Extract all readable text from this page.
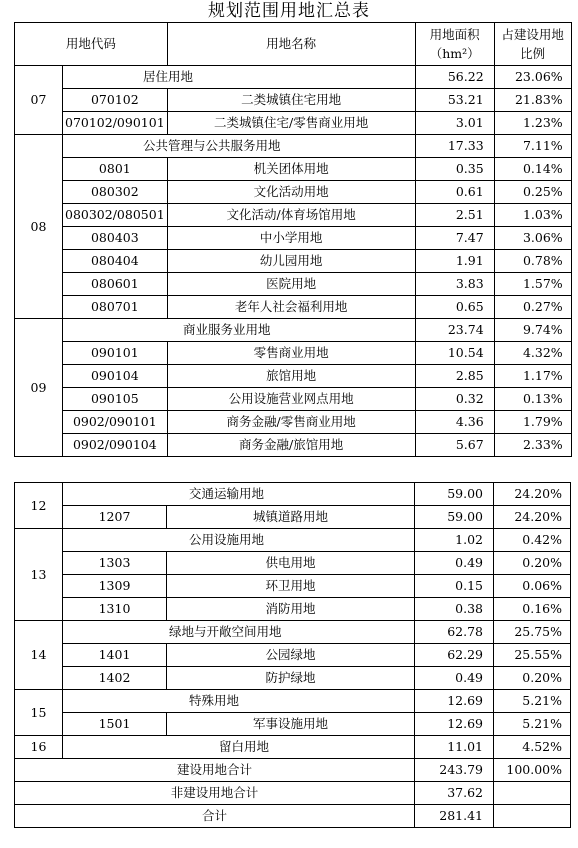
规划范围用地汇总表
用地代码		用地名称	用地面积（hm²）	占建设用地比例
07	居住用地		56.22	23.06%
	070102	二类城镇住宅用地	53.21	21.83%
	070102/090101	二类城镇住宅/零售商业用地	3.01	1.23%
08	公共管理与公共服务用地		17.33	7.11%
	0801	机关团体用地	0.35	0.14%
	080302	文化活动用地	0.61	0.25%
	080302/080501	文化活动/体育场馆用地	2.51	1.03%
	080403	中小学用地	7.47	3.06%
	080404	幼儿园用地	1.91	0.78%
	080601	医院用地	3.83	1.57%
	080701	老年人社会福利用地	0.65	0.27%
09	商业服务业用地		23.74	9.74%
	090101	零售商业用地	10.54	4.32%
	090104	旅馆用地	2.85	1.17%
	090105	公用设施营业网点用地	0.32	0.13%
	0902/090101	商务金融/零售商业用地	4.36	1.79%
	0902/090104	商务金融/旅馆用地	5.67	2.33%
12	交通运输用地		59.00	24.20%
	1207	城镇道路用地	59.00	24.20%
13	公用设施用地		1.02	0.42%
	1303	供电用地	0.49	0.20%
	1309	环卫用地	0.15	0.06%
	1310	消防用地	0.38	0.16%
14	绿地与开敞空间用地		62.78	25.75%
	1401	公园绿地	62.29	25.55%
	1402	防护绿地	0.49	0.20%
15	特殊用地		12.69	5.21%
	1501	军事设施用地	12.69	5.21%
16	留白用地		11.01	4.52%
建设用地合计			243.79	100.00%
非建设用地合计			37.62	
合计			281.41	
